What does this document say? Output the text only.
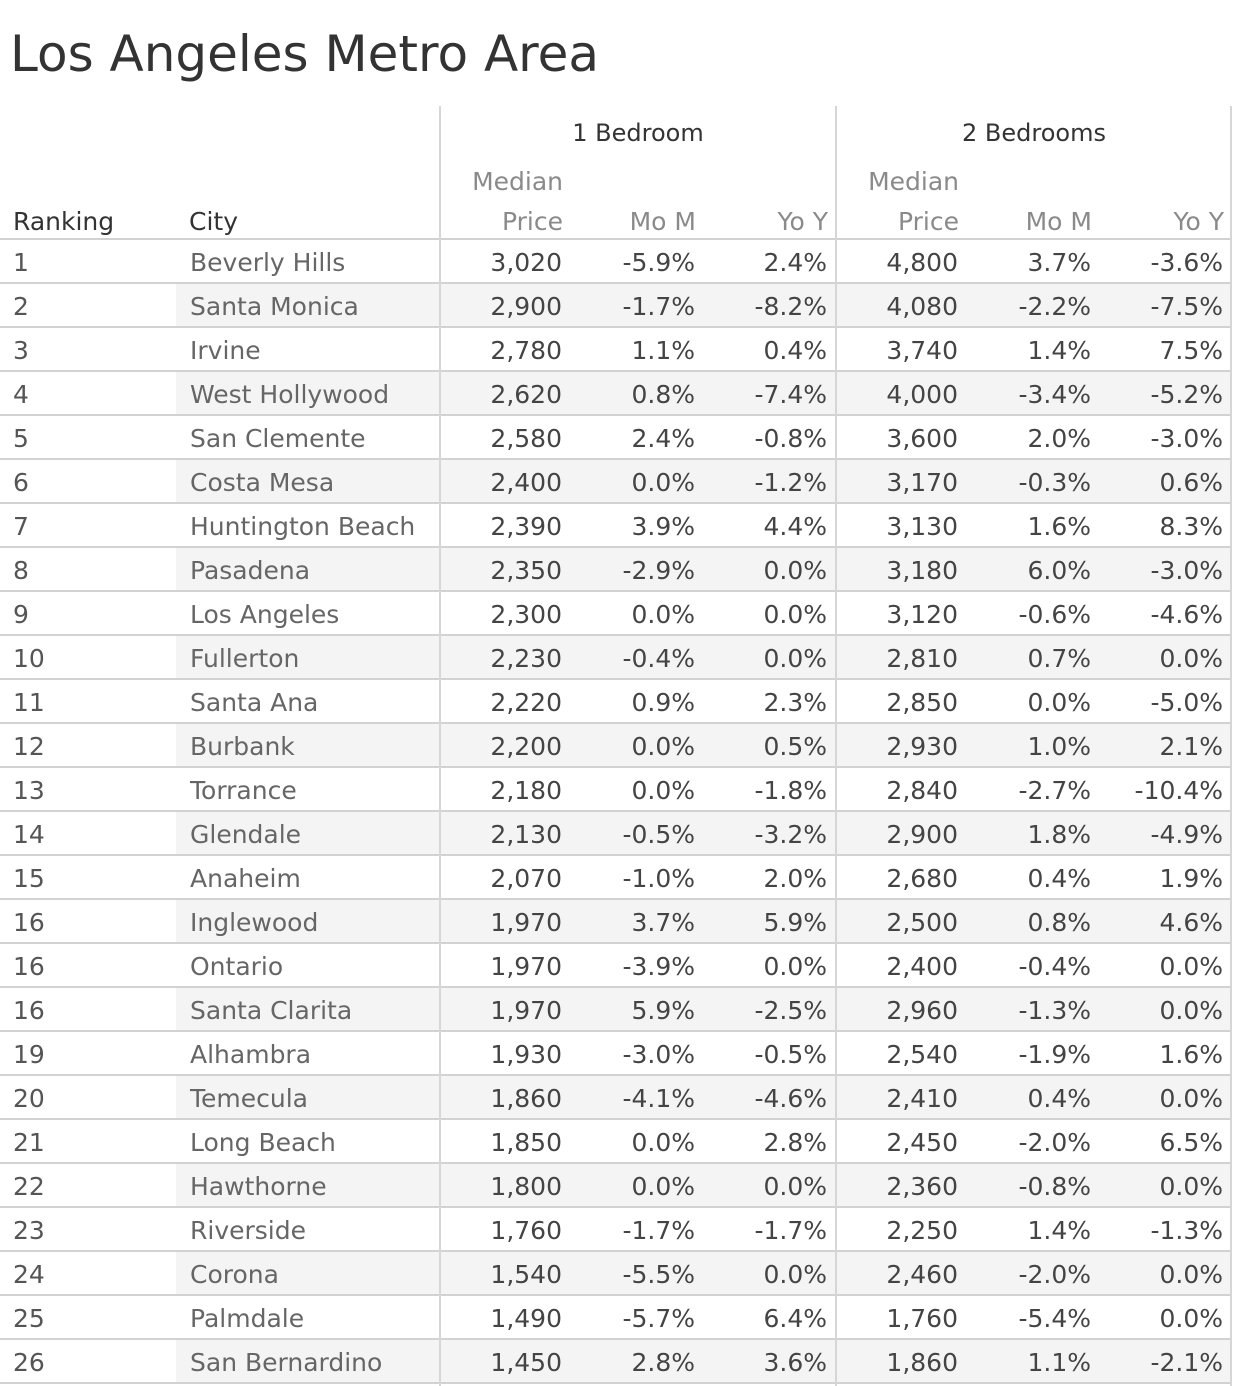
Los Angeles Metro Area
1 Bedroom	2 Bedrooms
Ranking	City
Median
Price	Mo M	Yo Y
Median
Price	Mo M	Yo Y
1	Beverly Hills	3,020	-5.9%	2.4%	4,800	3.7%	-3.6%
2	Santa Monica	2,900	-1.7%	-8.2%	4,080	-2.2%	-7.5%
3	Irvine	2,780	1.1%	0.4%	3,740	1.4%	7.5%
4	West Hollywood	2,620	0.8%	-7.4%	4,000	-3.4%	-5.2%
5	San Clemente	2,580	2.4%	-0.8%	3,600	2.0%	-3.0%
6	Costa Mesa	2,400	0.0%	-1.2%	3,170	-0.3%	0.6%
7	Huntington Beach	2,390	3.9%	4.4%	3,130	1.6%	8.3%
8	Pasadena	2,350	-2.9%	0.0%	3,180	6.0%	-3.0%
9	Los Angeles	2,300	0.0%	0.0%	3,120	-0.6%	-4.6%
10	Fullerton	2,230	-0.4%	0.0%	2,810	0.7%	0.0%
11	Santa Ana	2,220	0.9%	2.3%	2,850	0.0%	-5.0%
12	Burbank	2,200	0.0%	0.5%	2,930	1.0%	2.1%
13	Torrance	2,180	0.0%	-1.8%	2,840	-2.7%	-10.4%
14	Glendale	2,130	-0.5%	-3.2%	2,900	1.8%	-4.9%
15	Anaheim	2,070	-1.0%	2.0%	2,680	0.4%	1.9%
16	Inglewood	1,970	3.7%	5.9%	2,500	0.8%	4.6%
16	Ontario	1,970	-3.9%	0.0%	2,400	-0.4%	0.0%
16	Santa Clarita	1,970	5.9%	-2.5%	2,960	-1.3%	0.0%
19	Alhambra	1,930	-3.0%	-0.5%	2,540	-1.9%	1.6%
20	Temecula	1,860	-4.1%	-4.6%	2,410	0.4%	0.0%
21	Long Beach	1,850	0.0%	2.8%	2,450	-2.0%	6.5%
22	Hawthorne	1,800	0.0%	0.0%	2,360	-0.8%	0.0%
23	Riverside	1,760	-1.7%	-1.7%	2,250	1.4%	-1.3%
24	Corona	1,540	-5.5%	0.0%	2,460	-2.0%	0.0%
25	Palmdale	1,490	-5.7%	6.4%	1,760	-5.4%	0.0%
26	San Bernardino	1,450	2.8%	3.6%	1,860	1.1%	-2.1%
